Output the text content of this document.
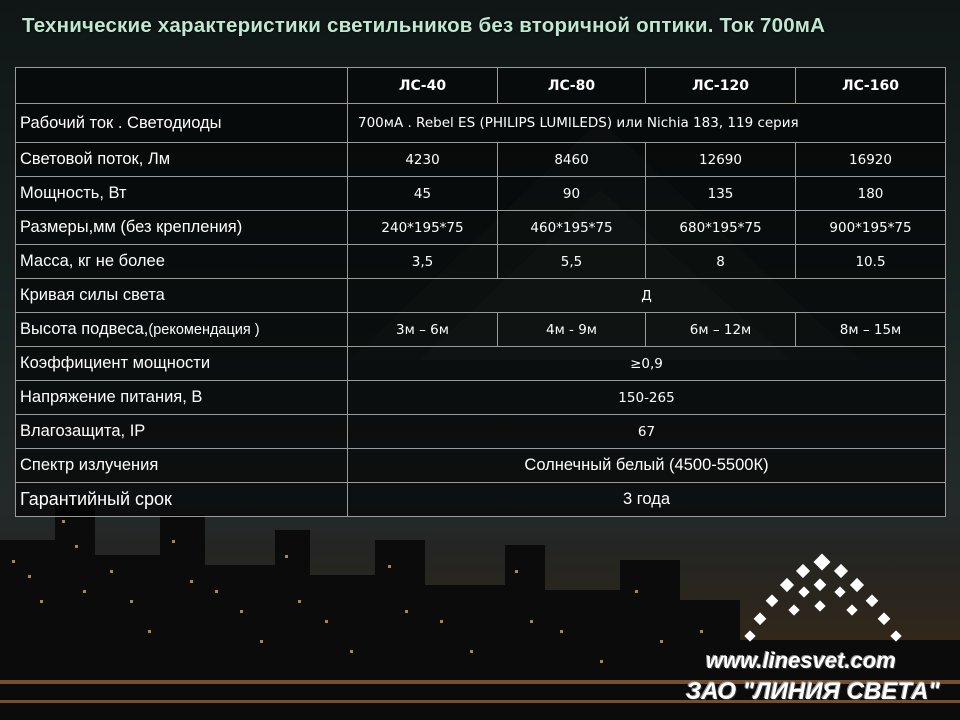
Технические характеристики светильников без вторичной оптики. Ток 700мА
	ЛС-40	ЛС-80	ЛС-120	ЛС-160
Рабочий ток . Светодиоды	700мА . Rebel ES (PHILIPS LUMILEDS) или Nichia 183, 119 серия			
Световой поток, Лм	4230	8460	12690	16920
Мощность, Вт	45	90	135	180
Размеры,мм (без крепления)	240*195*75	460*195*75	680*195*75	900*195*75
Масса, кг не более	3,5	5,5	8	10.5
Кривая силы света	Д			
Высота подвеса,(рекомендация )	3м – 6м	4м - 9м	6м – 12м	8м – 15м
Коэффициент мощности	≥0,9			
Напряжение питания, В	150-265			
Влагозащита, IP	67			
Спектр излучения	Солнечный белый (4500-5500К)			
Гарантийный срок	3 года			
www.linesvet.com
ЗАО "ЛИНИЯ СВЕТА"
